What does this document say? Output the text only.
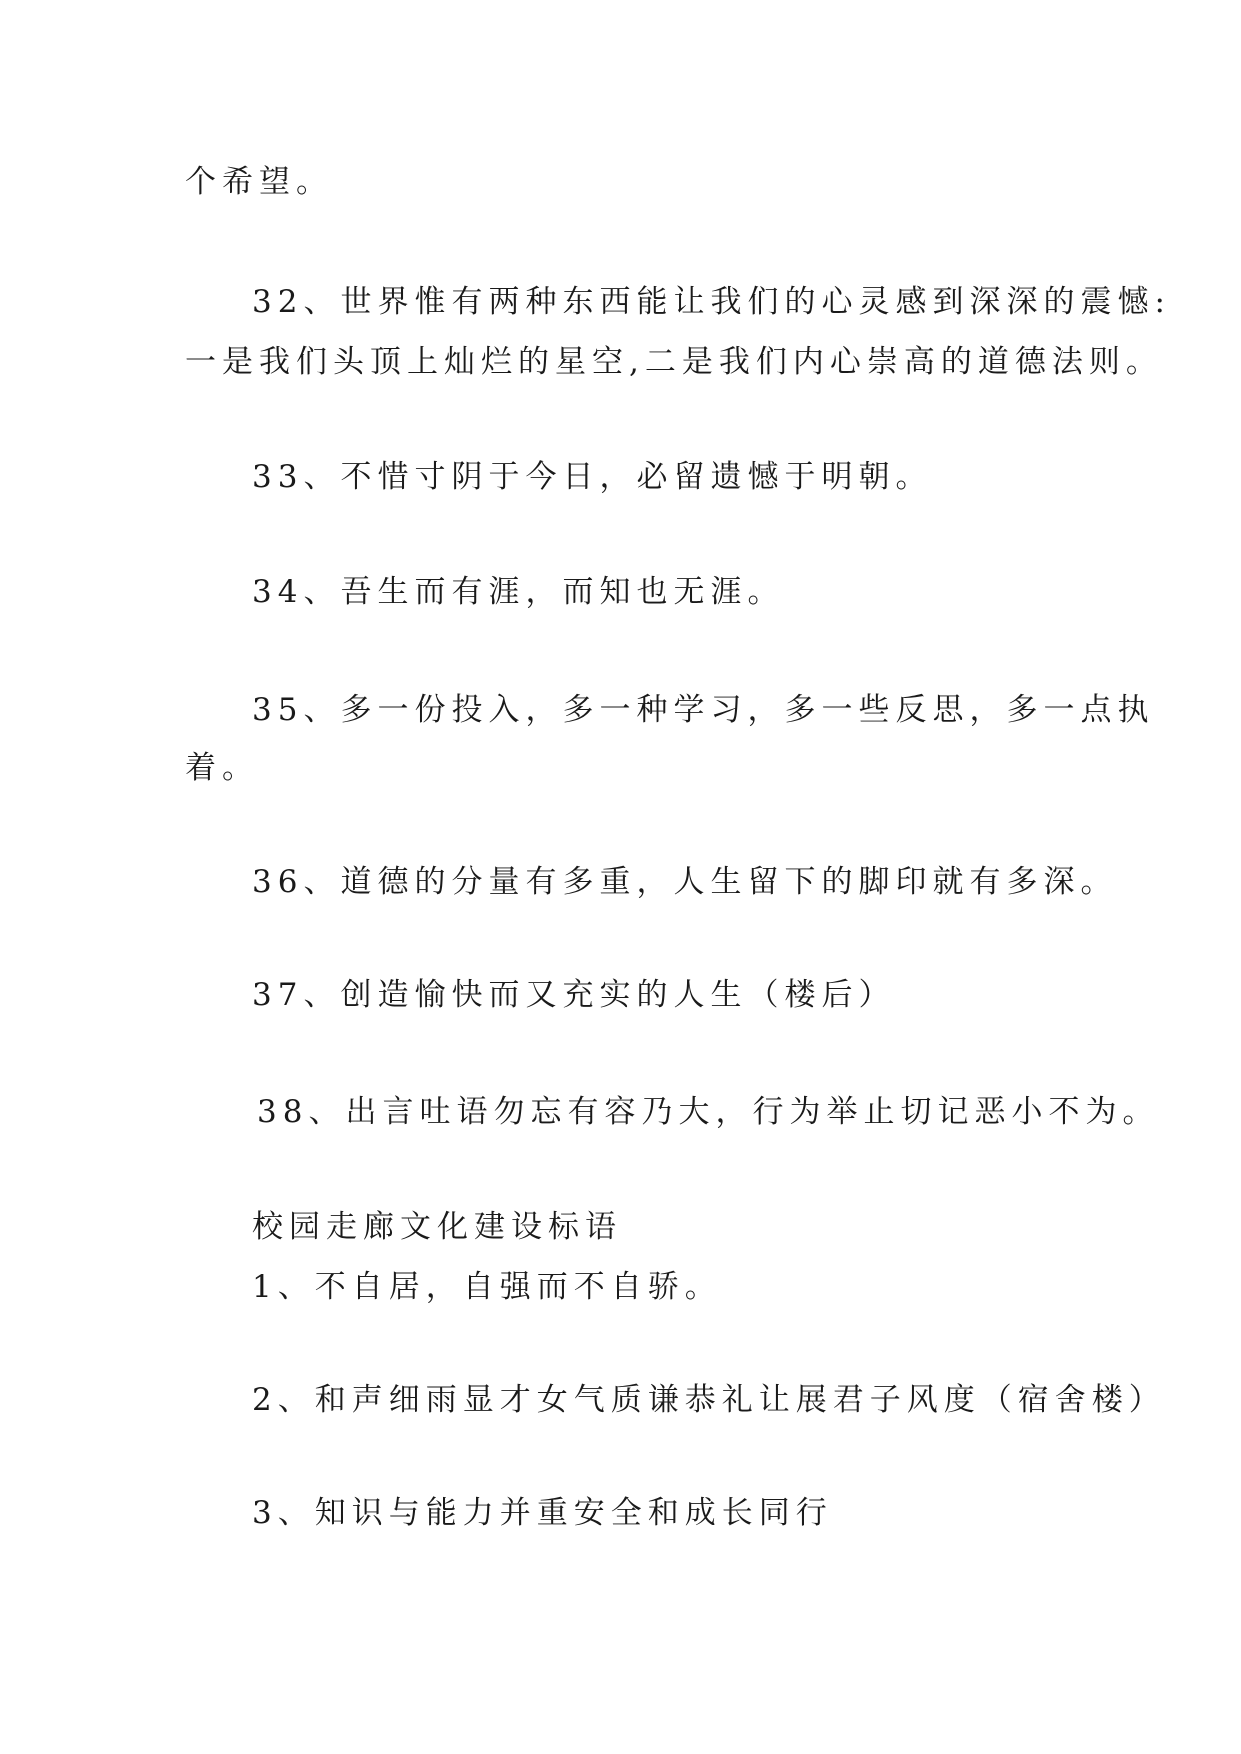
个希望。

32、世界惟有两种东西能让我们的心灵感到深深的震憾:

一是我们头顶上灿烂的星空,二是我们内心崇高的道德法则。

33、不惜寸阴于今日，必留遗憾于明朝。

34、吾生而有涯，而知也无涯。

35、多一份投入，多一种学习，多一些反思，多一点执

着。

36、道德的分量有多重，人生留下的脚印就有多深。

37、创造愉快而又充实的人生（楼后）

38、出言吐语勿忘有容乃大，行为举止切记恶小不为。

校园走廊文化建设标语

1、不自居，自强而不自骄。

2、和声细雨显才女气质谦恭礼让展君子风度（宿舍楼）

3、知识与能力并重安全和成长同行
